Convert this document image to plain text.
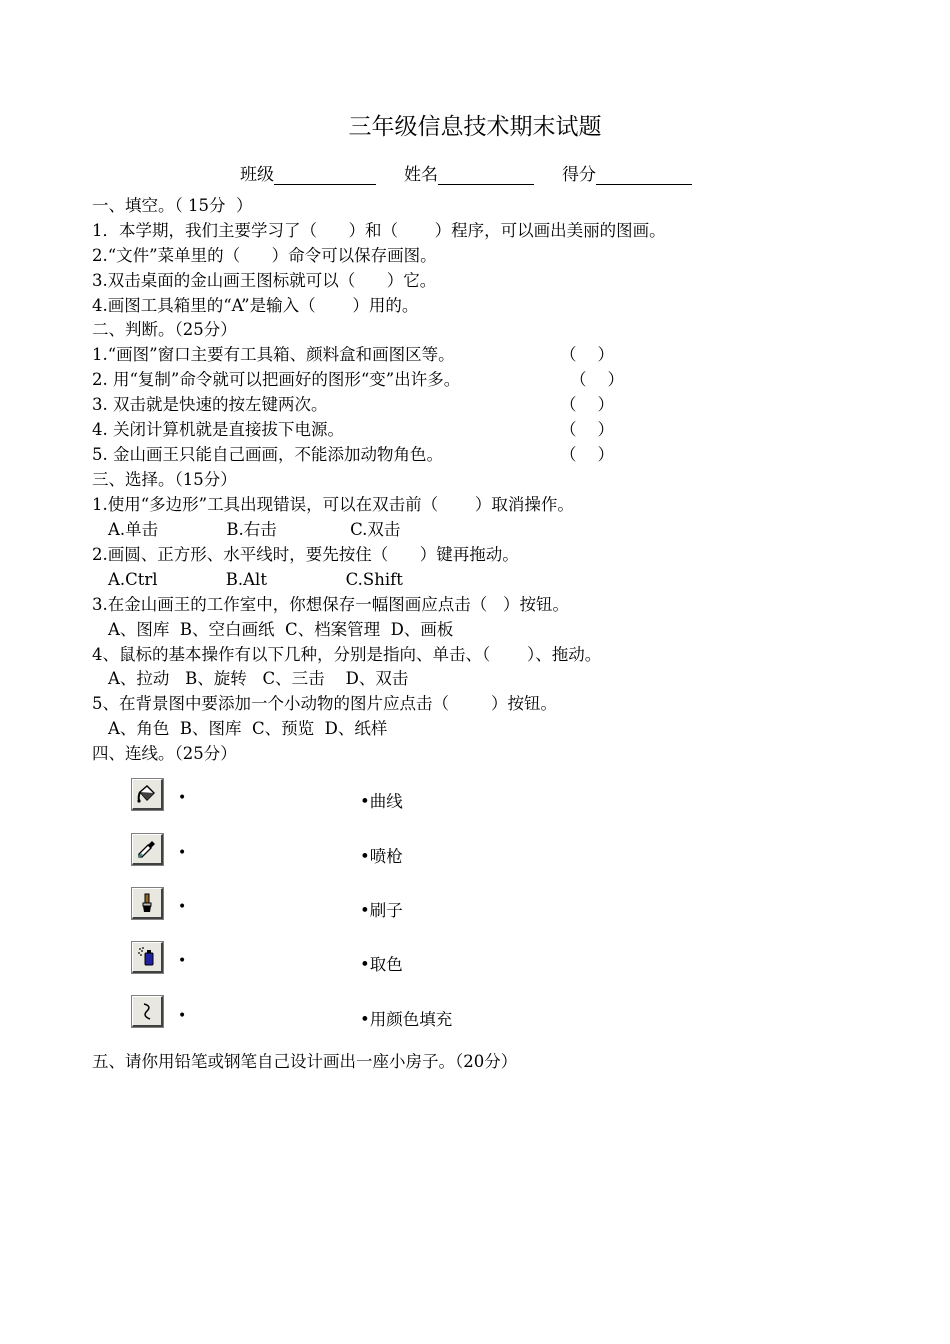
三年级信息技术期末试题
班级	姓名	得分
一、填空。（ 15分  ）
1．本学期，我们主要学习了（      ）和（       ）程序，可以画出美丽的图画。
2.“文件”菜单里的（      ）命令可以保存画图。
3.双击桌面的金山画王图标就可以（      ）它。
4.画图工具箱里的“A”是输入（       ）用的。
二、判断。（25分）
1.“画图”窗口主要有工具箱、颜料盒和画图区等。	（    ）
2. 用“复制”命令就可以把画好的图形“变”出许多。	（    ）
3. 双击就是快速的按左键两次。	（    ）
4. 关闭计算机就是直接拔下电源。	（    ）
5. 金山画王只能自己画画，不能添加动物角色。	（    ）
三、选择。（15分）
1.使用“多边形”工具出现错误，可以在双击前（       ）取消操作。
A.单击             B.右击              C.双击
2.画圆、正方形、水平线时，要先按住（      ）键再拖动。
A.Ctrl             B.Alt               C.Shift
3.在金山画王的工作室中，你想保存一幅图画应点击（   ）按钮。
A、图库  B、空白画纸  C、档案管理  D、画板
4、鼠标的基本操作有以下几种，分别是指向、单击、（       ）、拖动。
A、拉动   B、旋转   C、三击    D、双击
5、在背景图中要添加一个小动物的图片应点击（        ）按钮。
A、角色  B、图库  C、预览  D、纸样
四、连线。（25分）
•	•曲线
•	•喷枪
•	•刷子
•	•取色
•	•用颜色填充
五、请你用铅笔或钢笔自己设计画出一座小房子。（20分）
